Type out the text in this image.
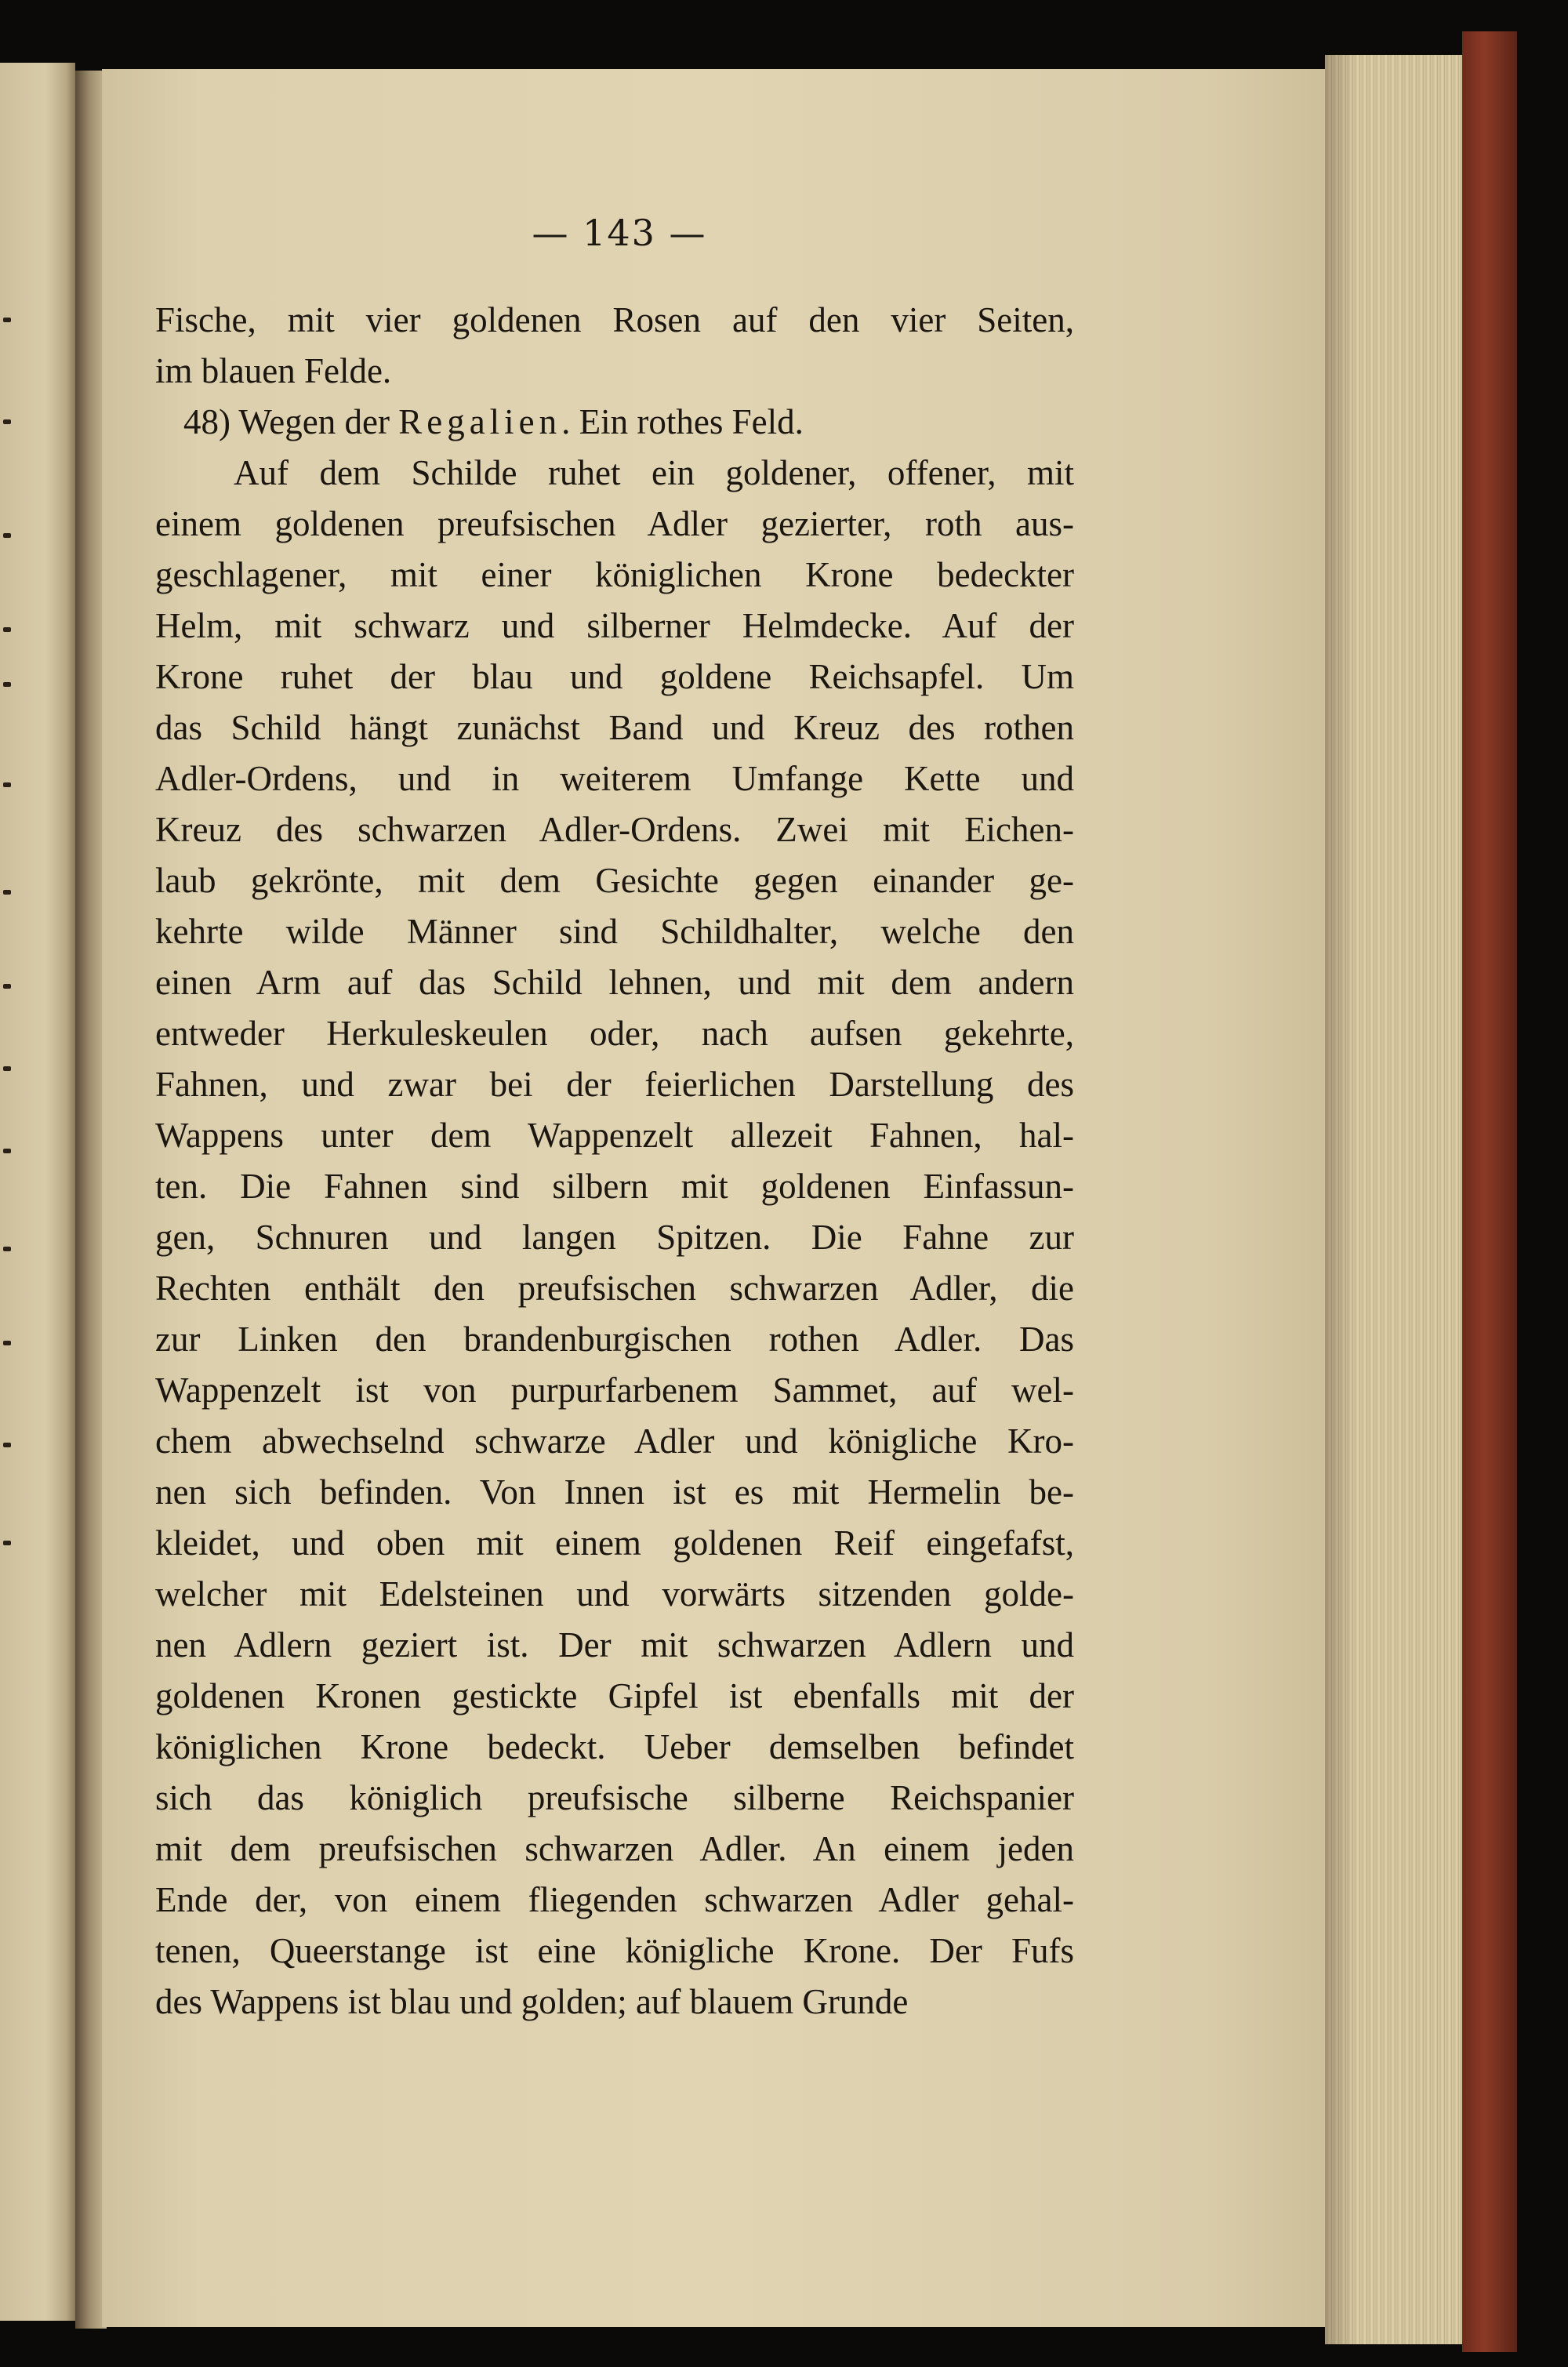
— 143 —
Fische, mit vier goldenen Rosen auf den vier Seiten,
im blauen Felde.
48) Wegen der Regalien. Ein rothes Feld.
Auf dem Schilde ruhet ein goldener, offener, mit
einem goldenen preufsischen Adler gezierter, roth aus-
geschlagener, mit einer königlichen Krone bedeckter
Helm, mit schwarz und silberner Helmdecke. Auf der
Krone ruhet der blau und goldene Reichsapfel. Um
das Schild hängt zunächst Band und Kreuz des rothen
Adler-Ordens, und in weiterem Umfange Kette und
Kreuz des schwarzen Adler-Ordens. Zwei mit Eichen-
laub gekrönte, mit dem Gesichte gegen einander ge-
kehrte wilde Männer sind Schildhalter, welche den
einen Arm auf das Schild lehnen, und mit dem andern
entweder Herkuleskeulen oder, nach aufsen gekehrte,
Fahnen, und zwar bei der feierlichen Darstellung des
Wappens unter dem Wappenzelt allezeit Fahnen, hal-
ten. Die Fahnen sind silbern mit goldenen Einfassun-
gen, Schnuren und langen Spitzen. Die Fahne zur
Rechten enthält den preufsischen schwarzen Adler, die
zur Linken den brandenburgischen rothen Adler. Das
Wappenzelt ist von purpurfarbenem Sammet, auf wel-
chem abwechselnd schwarze Adler und königliche Kro-
nen sich befinden. Von Innen ist es mit Hermelin be-
kleidet, und oben mit einem goldenen Reif eingefafst,
welcher mit Edelsteinen und vorwärts sitzenden golde-
nen Adlern geziert ist. Der mit schwarzen Adlern und
goldenen Kronen gestickte Gipfel ist ebenfalls mit der
königlichen Krone bedeckt. Ueber demselben befindet
sich das königlich preufsische silberne Reichspanier
mit dem preufsischen schwarzen Adler. An einem jeden
Ende der, von einem fliegenden schwarzen Adler gehal-
tenen, Queerstange ist eine königliche Krone. Der Fufs
des Wappens ist blau und golden; auf blauem Grunde
